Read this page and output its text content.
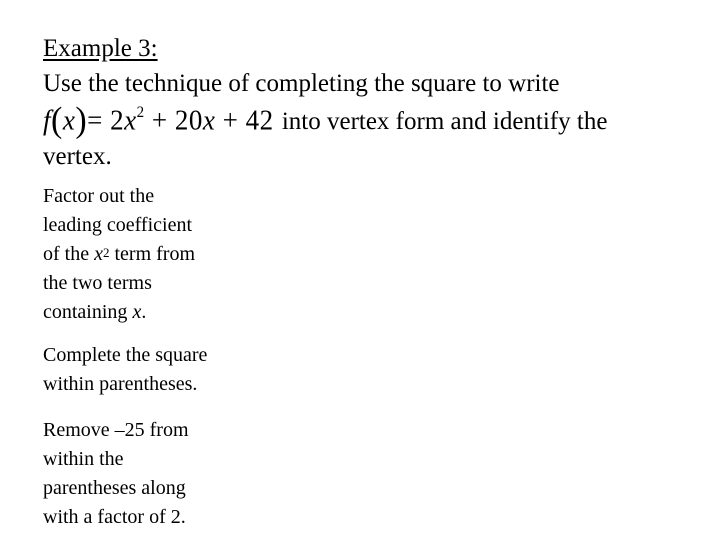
Example 3:
Use the technique of completing the square to write
$f(x)= 2x^2 + 20x + 42$ into vertex form and identify the
vertex.
Factor out the
leading coefficient
of the $x^2$ term from
the two terms
containing x.
Complete the square
within parentheses.
Remove –25 from
within the
parentheses along
with a factor of 2.
